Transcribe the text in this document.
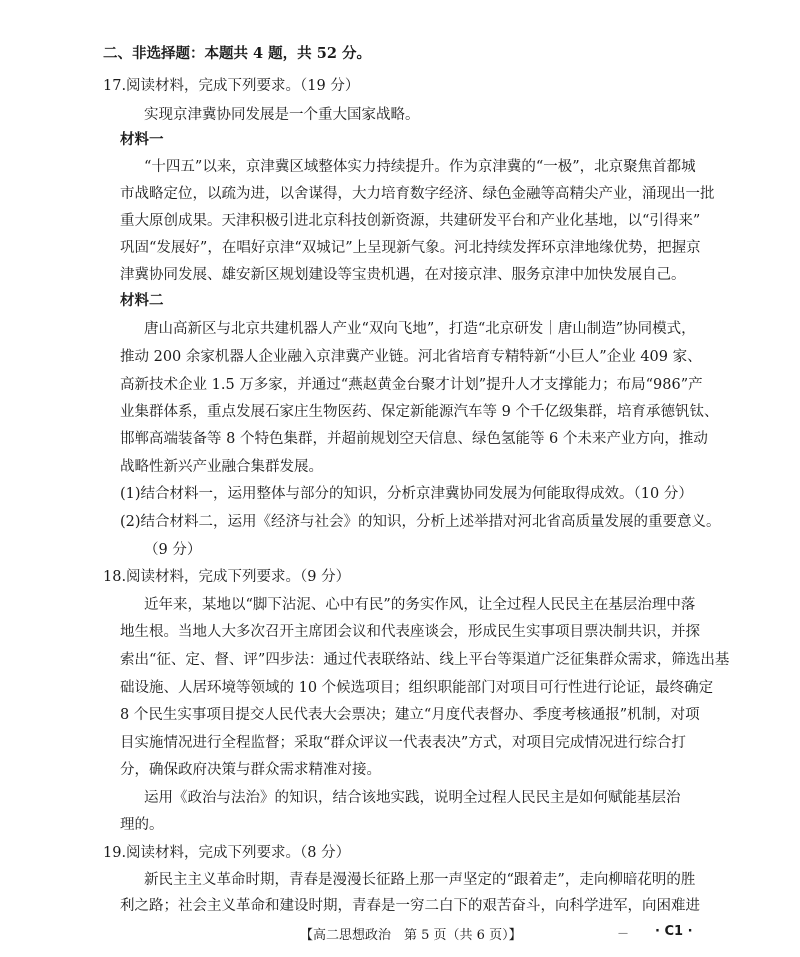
二、非选择题：本题共 4 题，共 52 分。
17.阅读材料，完成下列要求。（19 分）
实现京津冀协同发展是一个重大国家战略。
材料一
“十四五”以来，京津冀区域整体实力持续提升。作为京津冀的“一极”，北京聚焦首都城
市战略定位，以疏为进，以舍谋得，大力培育数字经济、绿色金融等高精尖产业，涌现出一批
重大原创成果。天津积极引进北京科技创新资源，共建研发平台和产业化基地，以“引得来”
巩固“发展好”，在唱好京津“双城记”上呈现新气象。河北持续发挥环京津地缘优势，把握京
津冀协同发展、雄安新区规划建设等宝贵机遇，在对接京津、服务京津中加快发展自己。
材料二
唐山高新区与北京共建机器人产业“双向飞地”，打造“北京研发｜唐山制造”协同模式，
推动 200 余家机器人企业融入京津冀产业链。河北省培育专精特新“小巨人”企业 409 家、
高新技术企业 1.5 万多家，并通过“燕赵黄金台聚才计划”提升人才支撑能力；布局“986”产
业集群体系，重点发展石家庄生物医药、保定新能源汽车等 9 个千亿级集群，培育承德钒钛、
邯郸高端装备等 8 个特色集群，并超前规划空天信息、绿色氢能等 6 个未来产业方向，推动
战略性新兴产业融合集群发展。
(1)结合材料一，运用整体与部分的知识，分析京津冀协同发展为何能取得成效。（10 分）
(2)结合材料二，运用《经济与社会》的知识，分析上述举措对河北省高质量发展的重要意义。
（9 分）
18.阅读材料，完成下列要求。（9 分）
近年来，某地以“脚下沾泥、心中有民”的务实作风，让全过程人民民主在基层治理中落
地生根。当地人大多次召开主席团会议和代表座谈会，形成民生实事项目票决制共识，并探
索出“征、定、督、评”四步法：通过代表联络站、线上平台等渠道广泛征集群众需求，筛选出基
础设施、人居环境等领域的 10 个候选项目；组织职能部门对项目可行性进行论证，最终确定
8 个民生实事项目提交人民代表大会票决；建立“月度代表督办、季度考核通报”机制，对项
目实施情况进行全程监督；采取“群众评议一代表表决”方式，对项目完成情况进行综合打
分，确保政府决策与群众需求精准对接。
运用《政治与法治》的知识，结合该地实践，说明全过程人民民主是如何赋能基层治
理的。
19.阅读材料，完成下列要求。（8 分）
新民主主义革命时期，青春是漫漫长征路上那一声坚定的“跟着走”，走向柳暗花明的胜
利之路；社会主义革命和建设时期，青春是一穷二白下的艰苦奋斗，向科学进军，向困难进
【高二思想政治　第 5 页（共 6 页）】	— · C1 ·
